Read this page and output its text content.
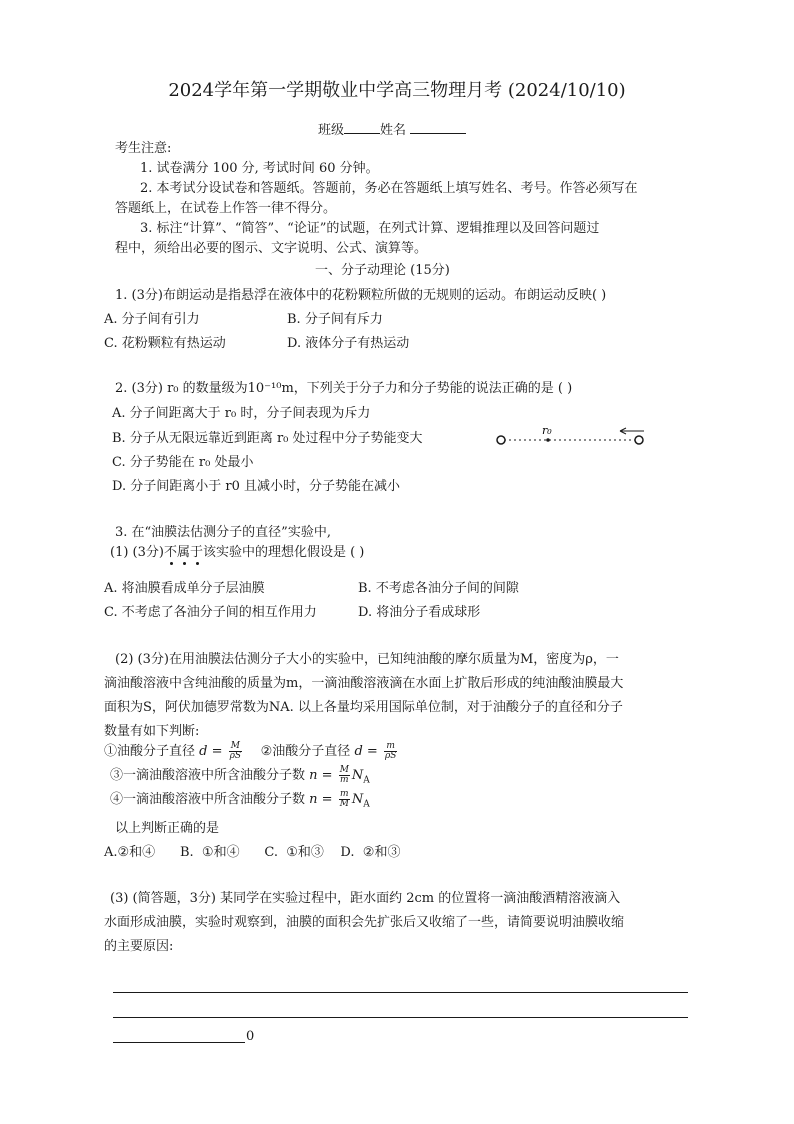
2024学年第一学期敬业中学高三物理月考 (2024/10/10)
班级	姓名
考生注意:
1. 试卷满分 100 分, 考试时间 60 分钟。
2. 本考试分设试卷和答题纸。答题前，务必在答题纸上填写姓名、考号。作答必须写在
答题纸上，在试卷上作答一律不得分。
3. 标注“计算”、“简答”、“论证”的试题，在列式计算、逻辑推理以及回答问题过
程中，须给出必要的图示、文字说明、公式、演算等。
一、分子动理论 (15分)
1. (3分)布朗运动是指悬浮在液体中的花粉颗粒所做的无规则的运动。布朗运动反映( )
A. 分子间有引力	B. 分子间有斥力
C. 花粉颗粒有热运动	D. 液体分子有热运动
2. (3分) r₀ 的数量级为10⁻¹⁰m，下列关于分子力和分子势能的说法正确的是 ( )
A. 分子间距离大于 r₀ 时，分子间表现为斥力
B. 分子从无限远靠近到距离 r₀ 处过程中分子势能变大
C. 分子势能在 r₀ 处最小
D. 分子间距离小于 r0 且减小时，分子势能在减小
r₀
3. 在“油膜法估测分子的直径”实验中,
(1) (3分)不属于该实验中的理想化假设是 ( )
A. 将油膜看成单分子层油膜	B. 不考虑各油分子间的间隙
C. 不考虑了各油分子间的相互作用力	D. 将油分子看成球形
(2) (3分)在用油膜法估测分子大小的实验中，已知纯油酸的摩尔质量为M，密度为ρ，一
滴油酸溶液中含纯油酸的质量为m，一滴油酸溶液滴在水面上扩散后形成的纯油酸油膜最大
面积为S，阿伏加德罗常数为NA. 以上各量均采用国际单位制，对于油酸分子的直径和分子
数量有如下判断:
①油酸分子直径 $d = \frac{M}{\rho S}$ ②油酸分子直径 $d = \frac{m}{\rho S}$
③一滴油酸溶液中所含油酸分子数 $n = \frac{M}{m} N_A$
④一滴油酸溶液中所含油酸分子数 $n = \frac{m}{M} N_A$
以上判断正确的是
A.②和④      B.  ①和④      C.  ①和③    D.  ②和③
(3) (简答题，3分) 某同学在实验过程中，距水面约 2cm 的位置将一滴油酸酒精溶液滴入
水面形成油膜，实验时观察到，油膜的面积会先扩张后又收缩了一些，请简要说明油膜收缩
的主要原因:
0
